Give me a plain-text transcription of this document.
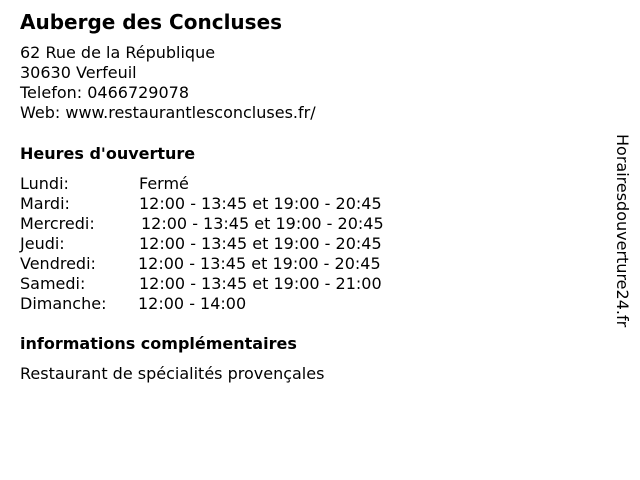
Auberge des Concluses
62 Rue de la République
30630 Verfeuil
Telefon: 0466729078
Web: www.restaurantlesconcluses.fr/
Heures d'ouverture
Lundi:	Fermé
Mardi:	12:00 - 13:45 et 19:00 - 20:45
Mercredi:	12:00 - 13:45 et 19:00 - 20:45
Jeudi:	12:00 - 13:45 et 19:00 - 20:45
Vendredi:	12:00 - 13:45 et 19:00 - 20:45
Samedi:	12:00 - 13:45 et 19:00 - 21:00
Dimanche: 12:00 - 14:00
informations complémentaires
Restaurant de spécialités provençales
Horairesdouverture24.fr
